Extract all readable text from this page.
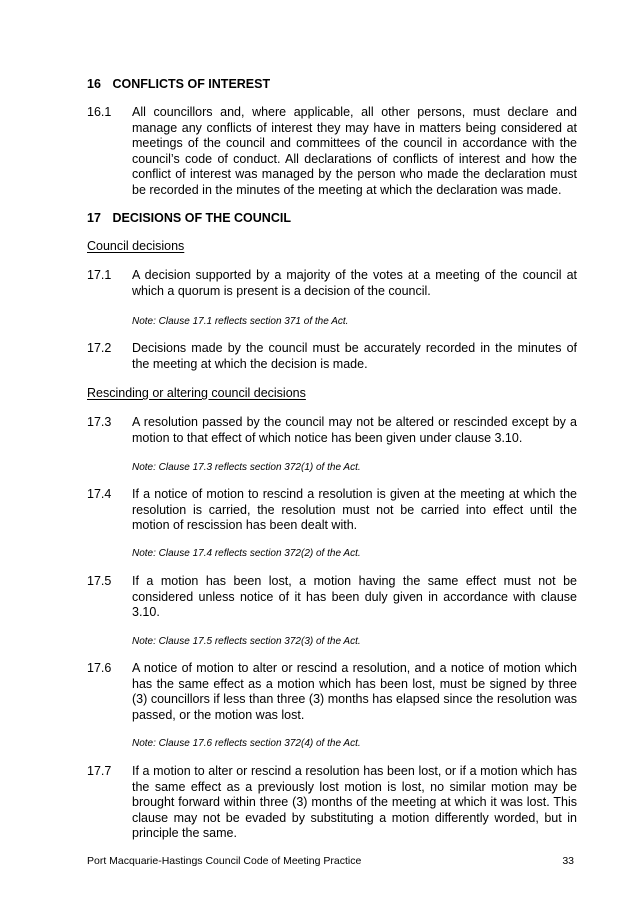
16 CONFLICTS OF INTEREST
16.1 All councillors and, where applicable, all other persons, must declare and manage any conflicts of interest they may have in matters being considered at meetings of the council and committees of the council in accordance with the council’s code of conduct. All declarations of conflicts of interest and how the conflict of interest was managed by the person who made the declaration must be recorded in the minutes of the meeting at which the declaration was made.

17 DECISIONS OF THE COUNCIL
Council decisions
17.1 A decision supported by a majority of the votes at a meeting of the council at which a quorum is present is a decision of the council.

Note: Clause 17.1 reflects section 371 of the Act.
17.2 Decisions made by the council must be accurately recorded in the minutes of the meeting at which the decision is made.

Rescinding or altering council decisions
17.3 A resolution passed by the council may not be altered or rescinded except by a motion to that effect of which notice has been given under clause 3.10.

Note: Clause 17.3 reflects section 372(1) of the Act.
17.4 If a notice of motion to rescind a resolution is given at the meeting at which the resolution is carried, the resolution must not be carried into effect until the motion of rescission has been dealt with.

Note: Clause 17.4 reflects section 372(2) of the Act.
17.5 If a motion has been lost, a motion having the same effect must not be considered unless notice of it has been duly given in accordance with clause 3.10.

Note: Clause 17.5 reflects section 372(3) of the Act.
17.6 A notice of motion to alter or rescind a resolution, and a notice of motion which has the same effect as a motion which has been lost, must be signed by three (3) councillors if less than three (3) months has elapsed since the resolution was passed, or the motion was lost.

Note: Clause 17.6 reflects section 372(4) of the Act.
17.7 If a motion to alter or rescind a resolution has been lost, or if a motion which has the same effect as a previously lost motion is lost, no similar motion may be brought forward within three (3) months of the meeting at which it was lost. This clause may not be evaded by substituting a motion differently worded, but in principle the same.

Port Macquarie-Hastings Council Code of Meeting Practice	33
